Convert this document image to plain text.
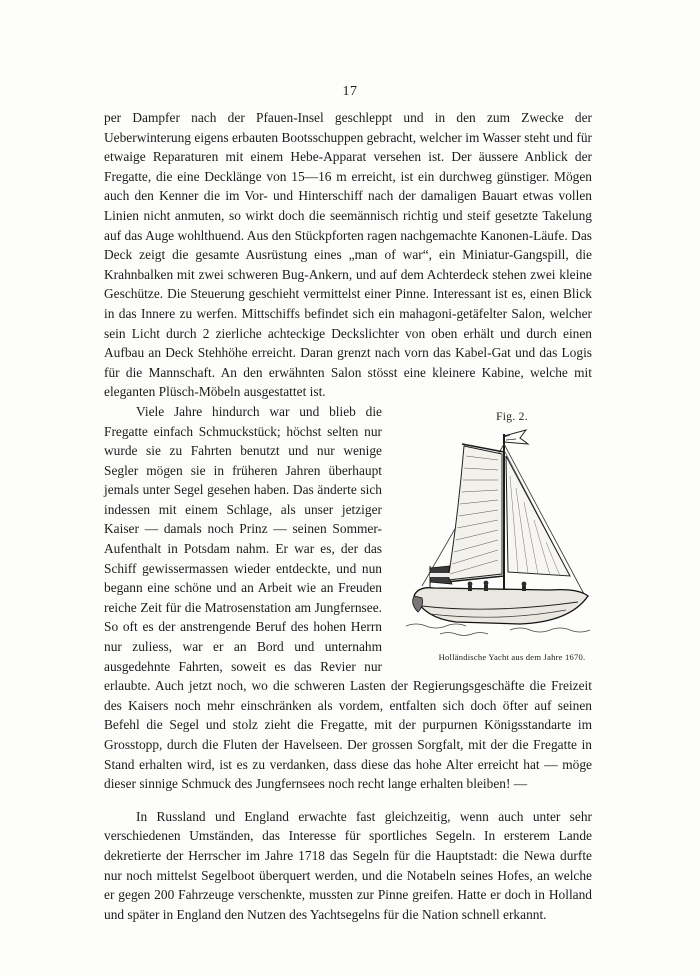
17

per Dampfer nach der Pfauen-Insel geschleppt und in den zum Zwecke der Ueberwinterung eigens erbauten Bootsschuppen gebracht, welcher im Wasser steht und für etwaige Reparaturen mit einem Hebe-Apparat versehen ist. Der äussere Anblick der Fregatte, die eine Decklänge von 15—16 m erreicht, ist ein durchweg günstiger. Mögen auch den Kenner die im Vor- und Hinterschiff nach der damaligen Bauart etwas vollen Linien nicht anmuten, so wirkt doch die seemännisch richtig und steif gesetzte Takelung auf das Auge wohlthuend. Aus den Stückpforten ragen nachgemachte Kanonen-Läufe. Das Deck zeigt die gesamte Ausrüstung eines „man of war“, ein Miniatur-Gangspill, die Krahnbalken mit zwei schweren Bug-Ankern, und auf dem Achterdeck stehen zwei kleine Geschütze. Die Steuerung geschieht vermittelst einer Pinne. Interessant ist es, einen Blick in das Innere zu werfen. Mittschiffs befindet sich ein mahagoni-getäfelter Salon, welcher sein Licht durch 2 zierliche achteckige Deckslichter von oben erhält und durch einen Aufbau an Deck Stehhöhe erreicht. Daran grenzt nach vorn das Kabel-Gat und das Logis für die Mannschaft. An den erwähnten Salon stösst eine kleinere Kabine, welche mit eleganten Plüsch-Möbeln ausgestattet ist.

Fig. 2.
Holländische Yacht aus dem Jahre 1670.
Viele Jahre hindurch war und blieb die Fregatte einfach Schmuckstück; höchst selten nur wurde sie zu Fahrten benutzt und nur wenige Segler mögen sie in früheren Jahren überhaupt jemals unter Segel gesehen haben. Das änderte sich indessen mit einem Schlage, als unser jetziger Kaiser — damals noch Prinz — seinen Sommer-Aufenthalt in Potsdam nahm. Er war es, der das Schiff gewissermassen wieder entdeckte, und nun begann eine schöne und an Arbeit wie an Freuden reiche Zeit für die Matrosenstation am Jungfernsee. So oft es der anstrengende Beruf des hohen Herrn nur zuliess, war er an Bord und unternahm ausgedehnte Fahrten, soweit es das Revier nur erlaubte. Auch jetzt noch, wo die schweren Lasten der Regierungsgeschäfte die Freizeit des Kaisers noch mehr einschränken als vordem, entfalten sich doch öfter auf seinen Befehl die Segel und stolz zieht die Fregatte, mit der purpurnen Königsstandarte im Grosstopp, durch die Fluten der Havelseen. Der grossen Sorgfalt, mit der die Fregatte in Stand erhalten wird, ist es zu verdanken, dass diese das hohe Alter erreicht hat — möge dieser sinnige Schmuck des Jungfernsees noch recht lange erhalten bleiben! —

In Russland und England erwachte fast gleichzeitig, wenn auch unter sehr verschiedenen Umständen, das Interesse für sportliches Segeln. In ersterem Lande dekretierte der Herrscher im Jahre 1718 das Segeln für die Hauptstadt: die Newa durfte nur noch mittelst Segelboot überquert werden, und die Notabeln seines Hofes, an welche er gegen 200 Fahrzeuge verschenkte, mussten zur Pinne greifen. Hatte er doch in Holland und später in England den Nutzen des Yachtsegelns für die Nation schnell erkannt.
